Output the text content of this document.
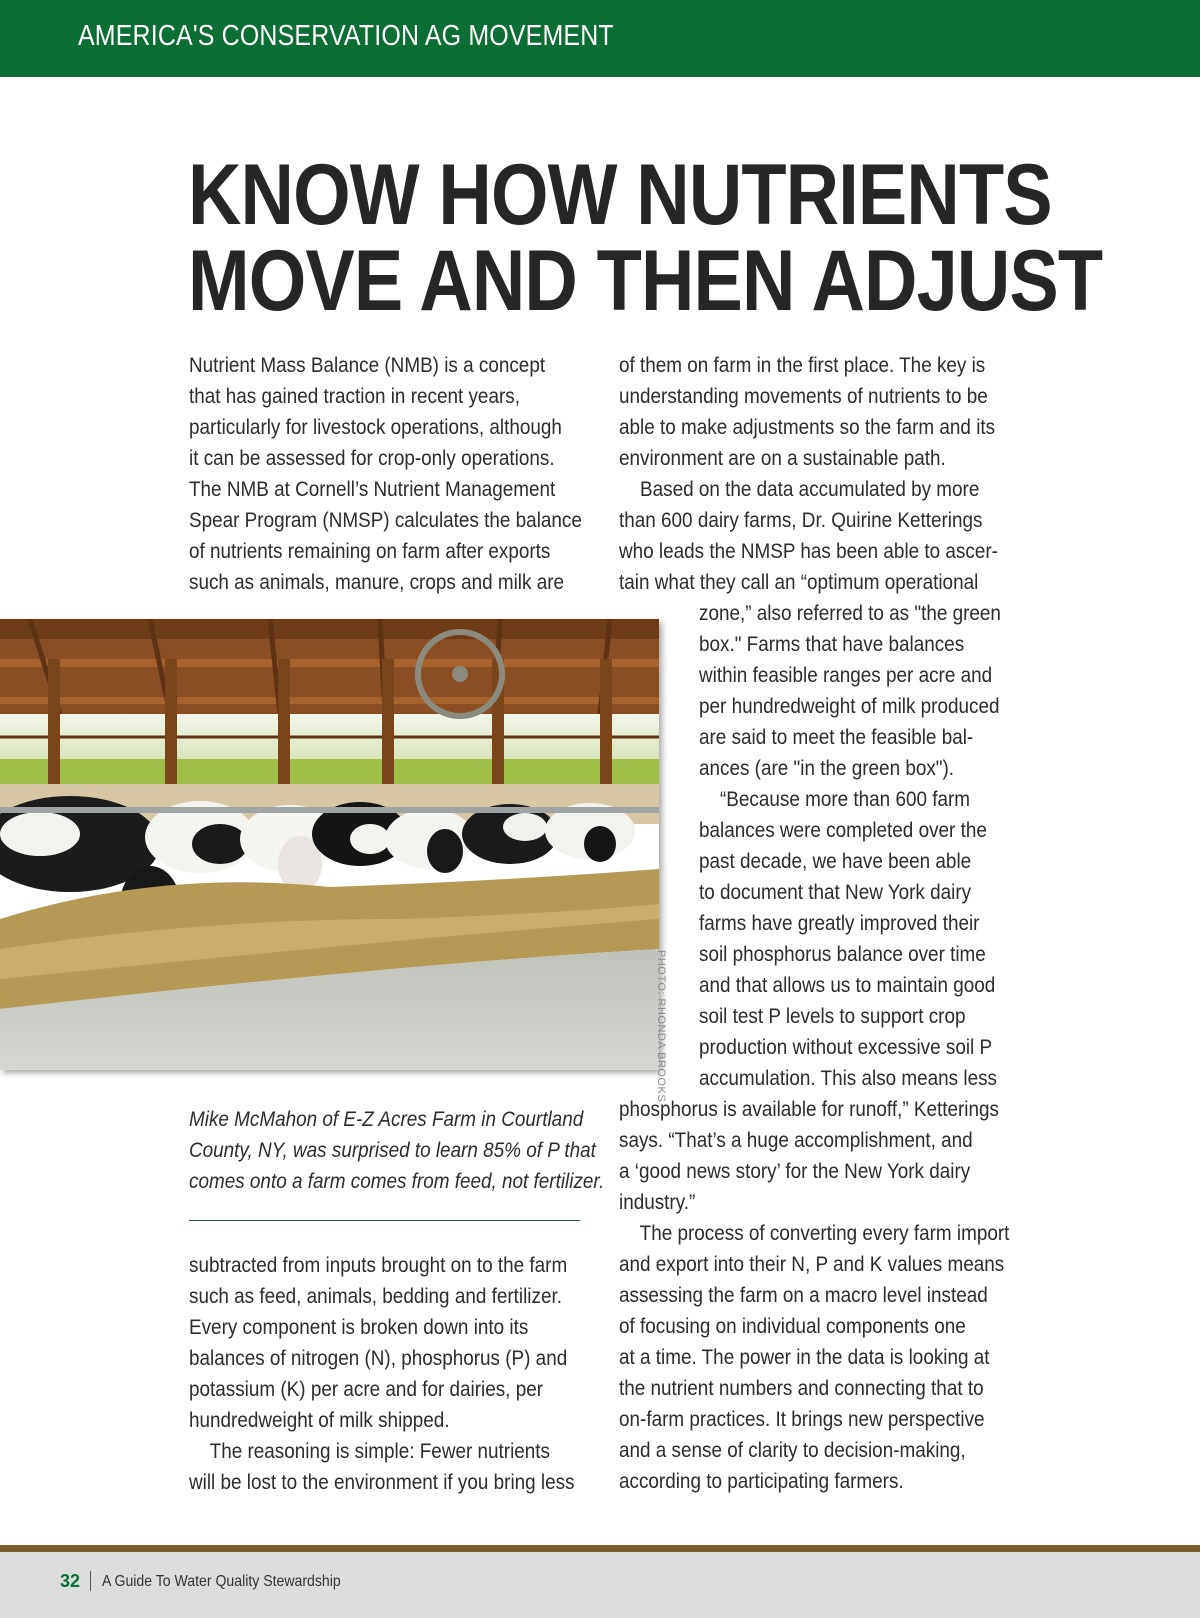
AMERICA'S CONSERVATION AG MOVEMENT
KNOW HOW NUTRIENTS
MOVE AND THEN ADJUST
Nutrient Mass Balance (NMB) is a concept
that has gained traction in recent years,
particularly for livestock operations, although
it can be assessed for crop-only operations.
The NMB at Cornell’s Nutrient Management
Spear Program (NMSP) calculates the balance
of nutrients remaining on farm after exports
such as animals, manure, crops and milk are
of them on farm in the first place. The key is
understanding movements of nutrients to be
able to make adjustments so the farm and its
environment are on a sustainable path.
Based on the data accumulated by more
than 600 dairy farms, Dr. Quirine Ketterings
who leads the NMSP has been able to ascer-
tain what they call an “optimum operational
zone,” also referred to as "the green
box." Farms that have balances
within feasible ranges per acre and
per hundredweight of milk produced
are said to meet the feasible bal-
ances (are "in the green box").
“Because more than 600 farm
balances were completed over the
past decade, we have been able
to document that New York dairy
farms have greatly improved their
soil phosphorus balance over time
and that allows us to maintain good
soil test P levels to support crop
production without excessive soil P
accumulation. This also means less
phosphorus is available for runoff,” Ketterings
says. “That’s a huge accomplishment, and
a ‘good news story’ for the New York dairy
industry.”
The process of converting every farm import
and export into their N, P and K values means
assessing the farm on a macro level instead
of focusing on individual components one
at a time. The power in the data is looking at
the nutrient numbers and connecting that to
on-farm practices. It brings new perspective
and a sense of clarity to decision-making,
according to participating farmers.
subtracted from inputs brought on to the farm
such as feed, animals, bedding and fertilizer.
Every component is broken down into its
balances of nitrogen (N), phosphorus (P) and
potassium (K) per acre and for dairies, per
hundredweight of milk shipped.
The reasoning is simple: Fewer nutrients
will be lost to the environment if you bring less
PHOTO: RHONDA BROOKS
Mike McMahon of E-Z Acres Farm in Courtland
County, NY, was surprised to learn 85% of P that
comes onto a farm comes from feed, not fertilizer.
32 A Guide To Water Quality Stewardship
